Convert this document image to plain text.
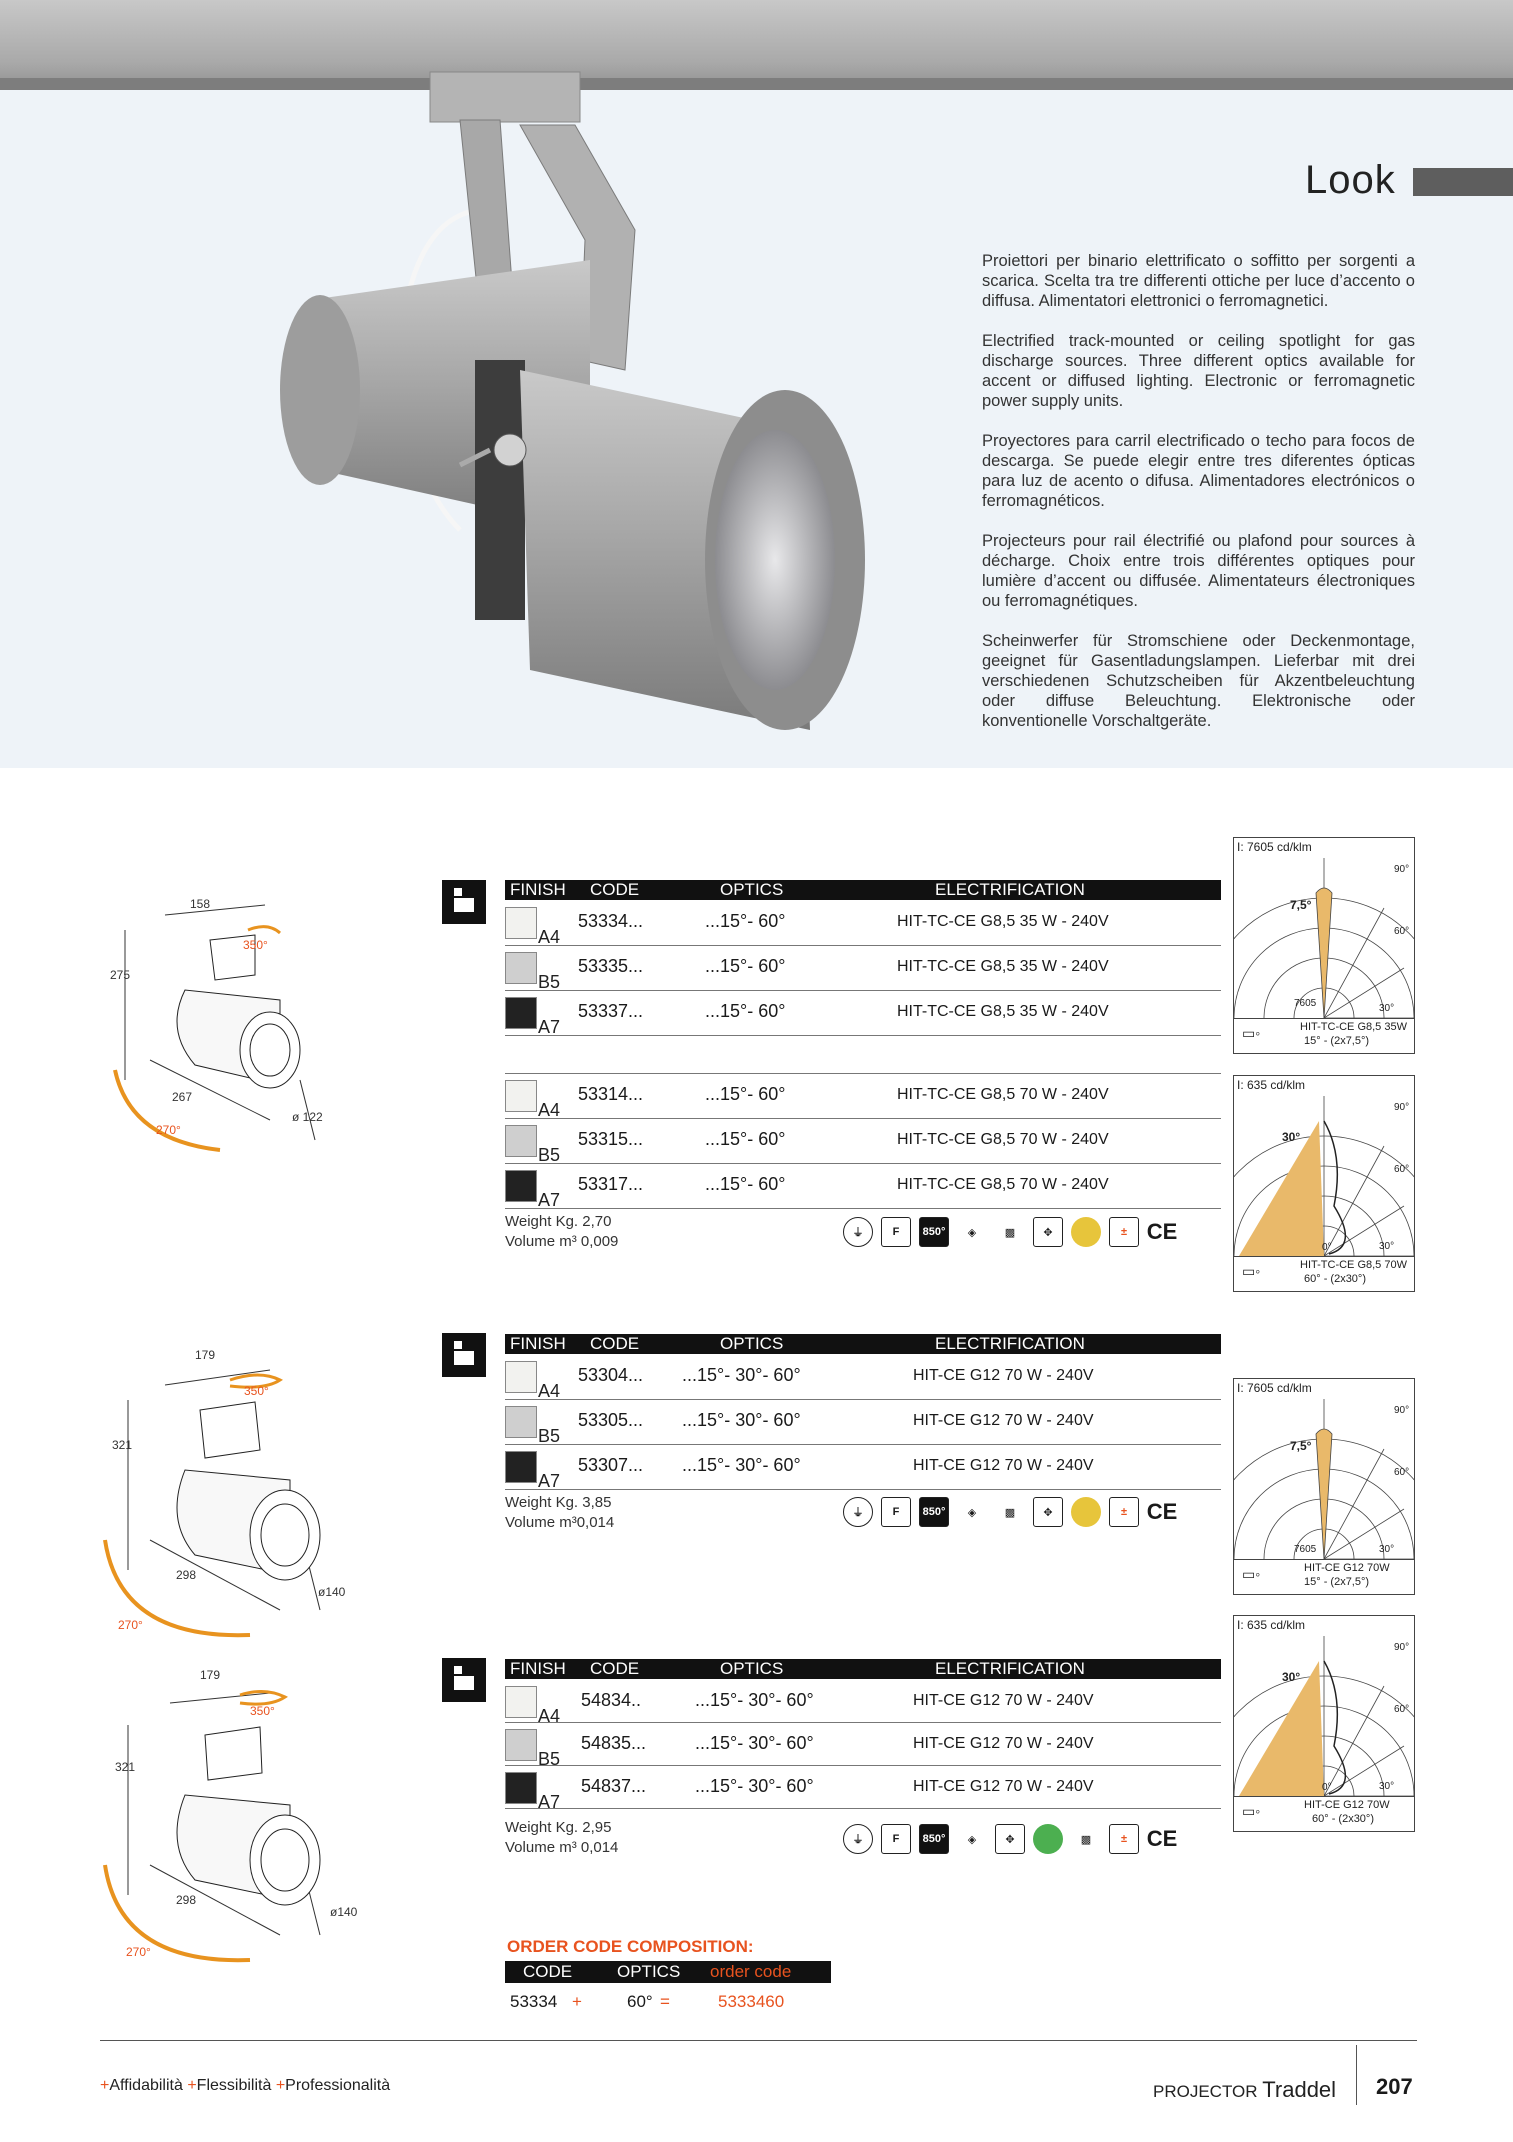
Look

Proiettori per binario elettrificato o soffitto per sorgenti a scarica. Scelta tra tre differenti ottiche per luce d’accento o diffusa. Alimentatori elettronici o ferromagnetici.

Electrified track-mounted or ceiling spotlight for gas discharge sources. Three different optics available for accent or diffused lighting. Electronic or ferromagnetic power supply units.

Proyectores para carril electrificado o techo para focos de descarga. Se puede elegir entre tres diferentes ópticas para luz de acento o difusa. Alimentadores electrónicos o ferromagnéticos.

Projecteurs pour rail électrifié ou plafond pour sources à décharge. Choix entre trois différentes optiques pour lumière d’accent ou diffusée. Alimentateurs électroniques ou ferromagnétiques.

Scheinwerfer für Stromschiene oder Deckenmontage, geeignet für Gasentladungslampen. Lieferbar mit drei verschiedenen Schutzscheiben für Akzentbeleuchtung oder diffuse Beleuchtung. Elektronische oder konventionelle Vorschaltgeräte.

158
275
350°
267
ø 122
270°
FINISH CODE	OPTICS	ELECTRIFICATION
A4
53334...	...15°- 60°	HIT-TC-CE G8,5 35 W - 240V
B5
53335...	...15°- 60°	HIT-TC-CE G8,5 35 W - 240V
A7
53337...	...15°- 60°	HIT-TC-CE G8,5 35 W - 240V
A4
53314...	...15°- 60°	HIT-TC-CE G8,5 70 W - 240V
B5
53315...	...15°- 60°	HIT-TC-CE G8,5 70 W - 240V
A7
53317...	...15°- 60°	HIT-TC-CE G8,5 70 W - 240V
Weight Kg. 2,70
Volume m³ 0,009	⏚	F	850°	◈	▩	✥	± CE
I: 7605 cd/klm
90°
60°
30°
7605
7,5°
HIT-TC-CE G8,5 35W
15° - (2x7,5°)
▭◦
I: 635 cd/klm
90°
60°
30°
0°
30°
HIT-TC-CE G8,5 70W
60° - (2x30°)
▭◦
179
321
350°
298
ø140
270°
FINISH CODE	OPTICS	ELECTRIFICATION
A4
53304... ...15°- 30°- 60°	HIT-CE G12 70 W - 240V
B5
53305... ...15°- 30°- 60°	HIT-CE G12 70 W - 240V
A7
53307... ...15°- 30°- 60°	HIT-CE G12 70 W - 240V
Weight Kg. 3,85
Volume m³0,014
⏚	F	850°	◈	▩	✥	± CE
I: 7605 cd/klm
90°
60°
30°
7605
7,5°
HIT-CE G12 70W
15° - (2x7,5°)
▭◦
179
321
350°
298
ø140
270°
FINISH CODE	OPTICS	ELECTRIFICATION
A4
54834..	...15°- 30°- 60°	HIT-CE G12 70 W - 240V
B5
54835...	...15°- 30°- 60°	HIT-CE G12 70 W - 240V
A7
54837...	...15°- 30°- 60°	HIT-CE G12 70 W - 240V
Weight Kg. 2,95
Volume m³ 0,014	⏚	F	850°	◈	✥	▩	± CE
I: 635 cd/klm
90°
60°
30°
0°
30°
HIT-CE G12 70W
60° - (2x30°)
▭◦
ORDER CODE COMPOSITION:
CODE	OPTICS order code
53334 +	60° =	5333460
+Affidabilità +Flessibilità +Professionalità	PROJECTOR Traddel 207
